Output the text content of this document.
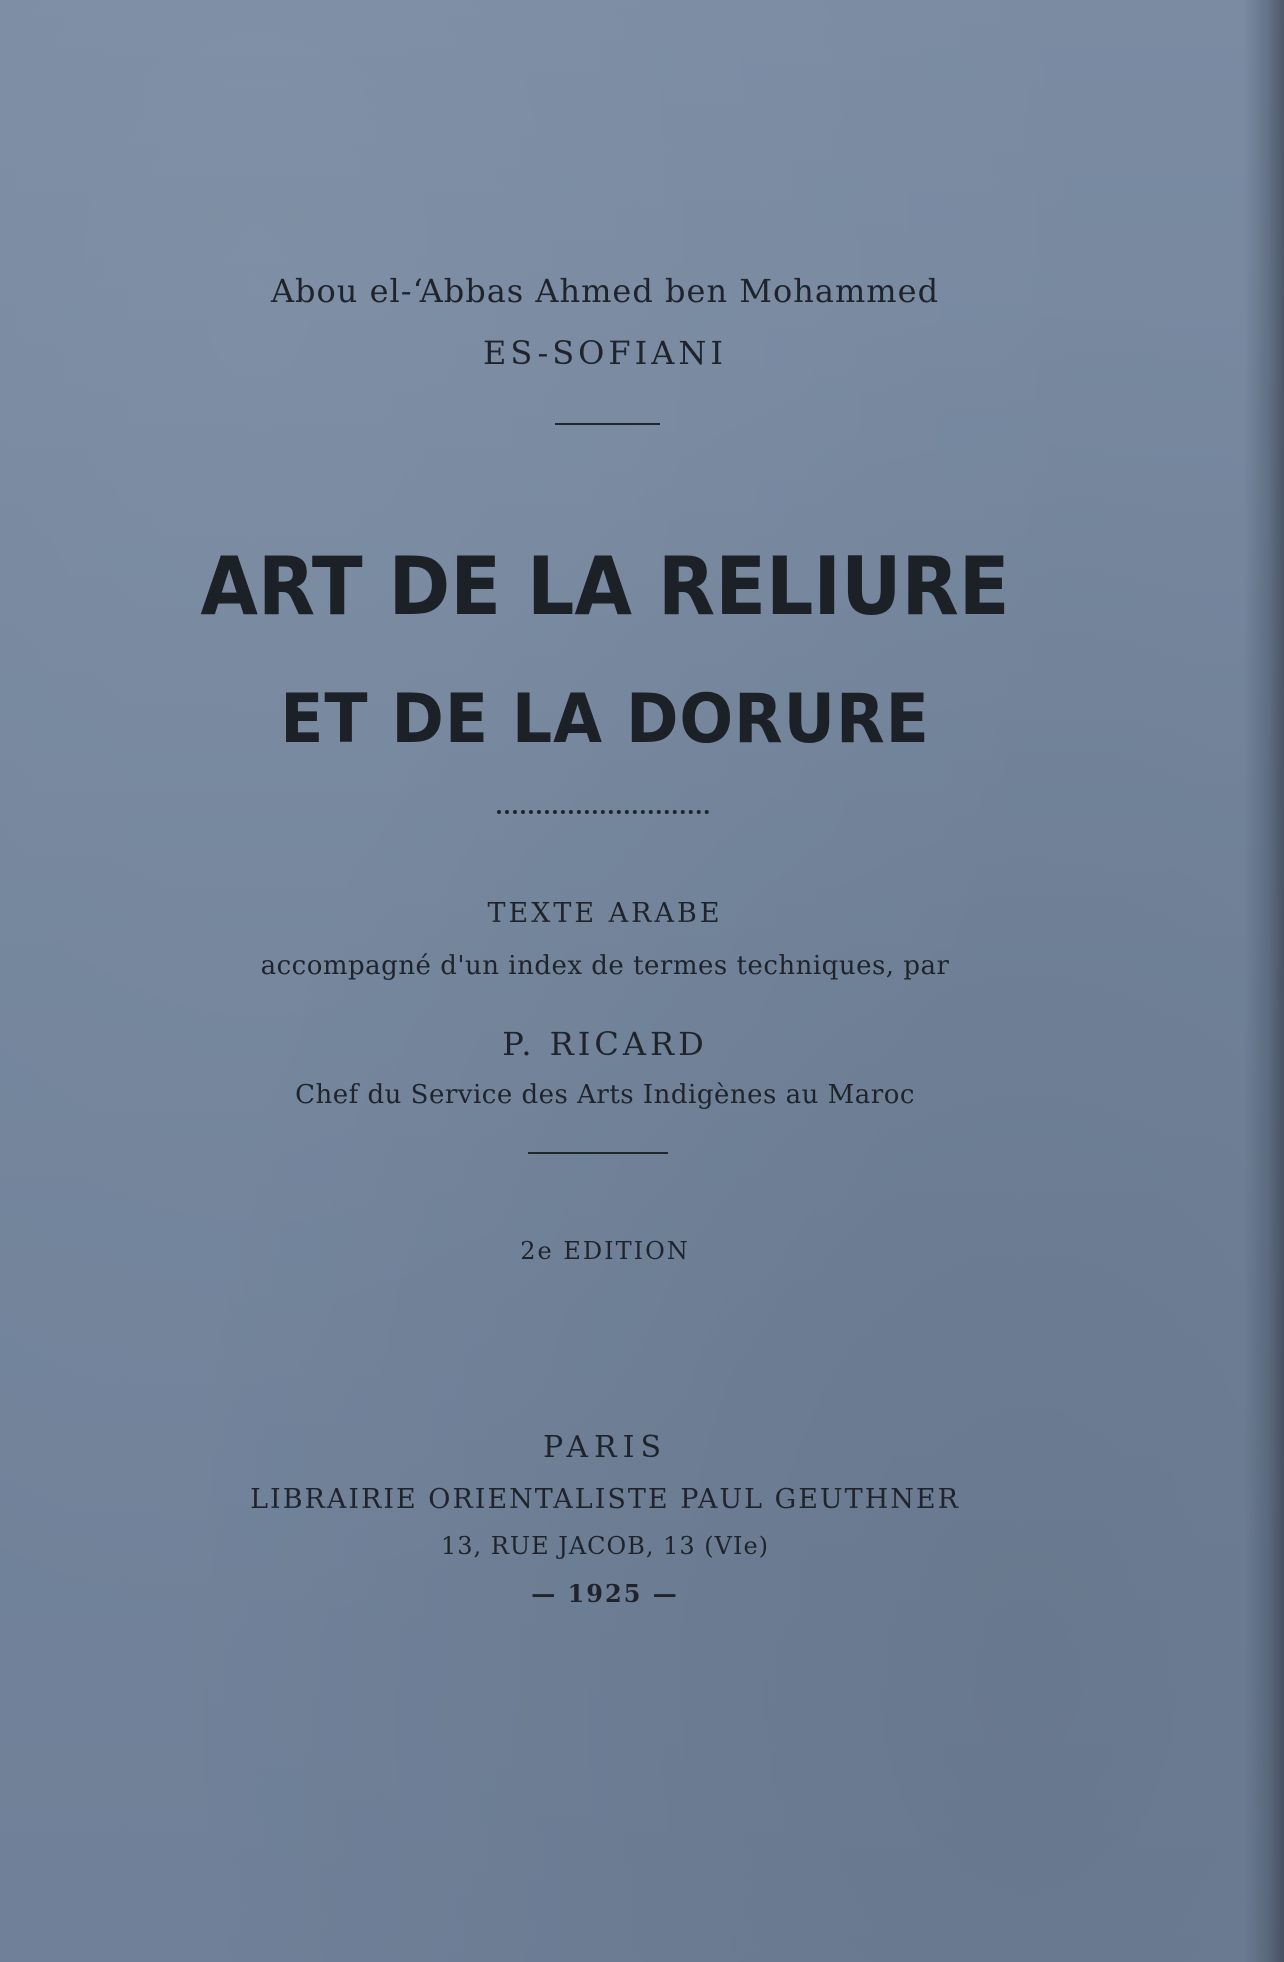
Abou el-‘Abbas Ahmed ben Mohammed
ES-SOFIANI
ART DE LA RELIURE
ET DE LA DORURE
TEXTE ARABE
accompagné d'un index de termes techniques, par
P. RICARD
Chef du Service des Arts Indigènes au Maroc
2e EDITION
PARIS
LIBRAIRIE ORIENTALISTE PAUL GEUTHNER
13, RUE JACOB, 13 (VIe)
— 1925 —
